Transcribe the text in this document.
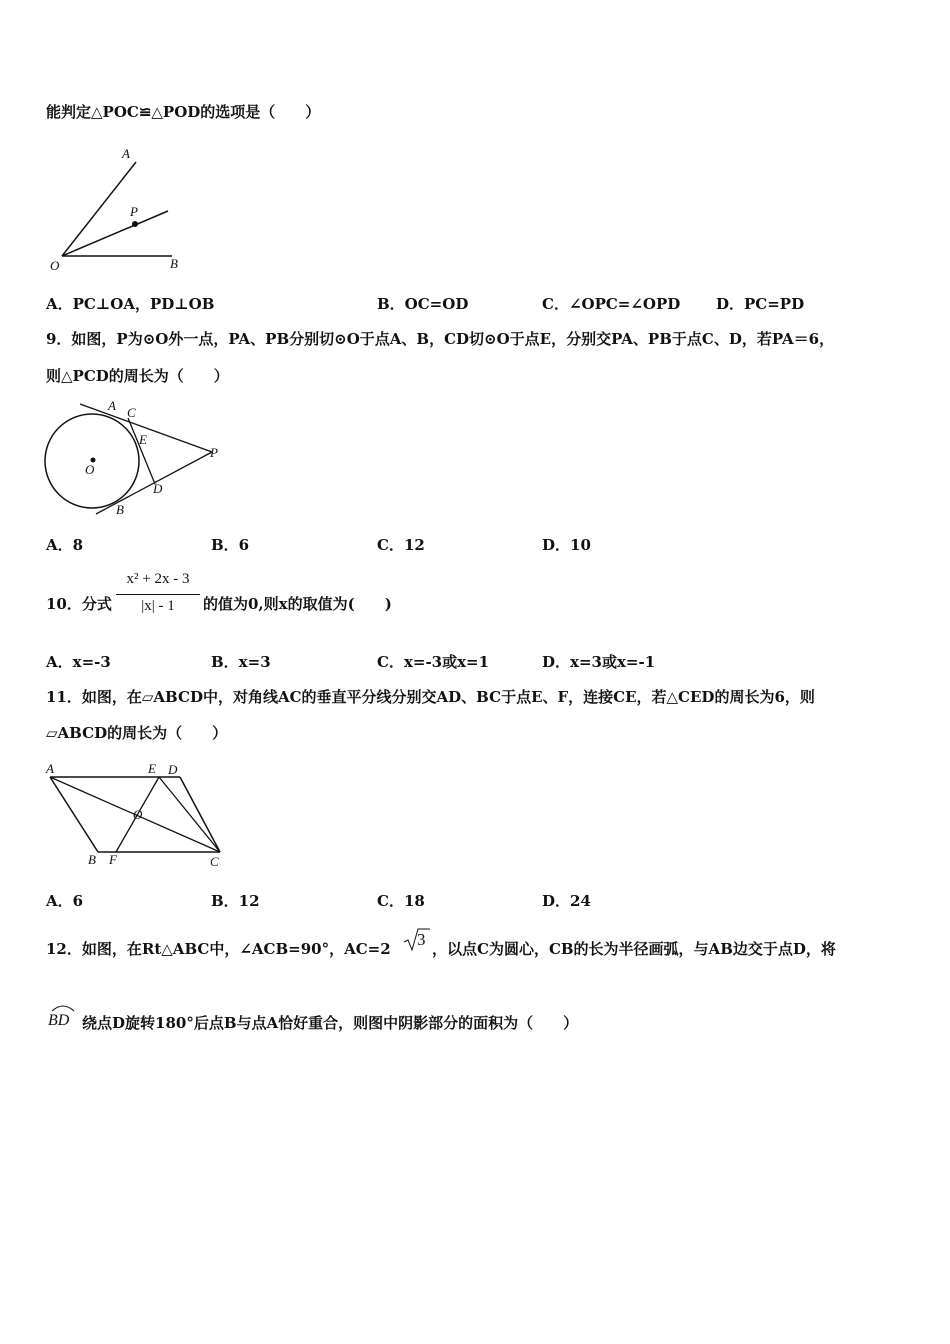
能判定△POC≌△POD的选项是（　　）
A
P
O	B
A．PC⊥OA，PD⊥OB	B．OC=OD	C．∠OPC=∠OPD D．PC=PD
9．如图，P为⊙O外一点，PA、PB分别切⊙O于点A、B，CD切⊙O于点E，分别交PA、PB于点C、D，若PA＝6，
则△PCD的周长为（　　）
A C
E
O
P
D
B
A．8	B．6	C．12	D．10
10．分式
x² + 2x - 3
|x| - 1	的值为0,则x的取值为(　　)
A．x=-3	B．x=3	C．x=-3或x=1	D．x=3或x=-1
11．如图，在▱ABCD中，对角线AC的垂直平分线分别交AD、BC于点E、F，连接CE，若△CED的周长为6，则
▱ABCD的周长为（　　）
A	E D
O
B F	C
A．6	B．12	C．18	D．24
12．如图，在Rt△ABC中，∠ACB=90°，AC=2 3 ，以点C为圆心，CB的长为半径画弧，与AB边交于点D，将
BD 绕点D旋转180°后点B与点A恰好重合，则图中阴影部分的面积为（　　）
